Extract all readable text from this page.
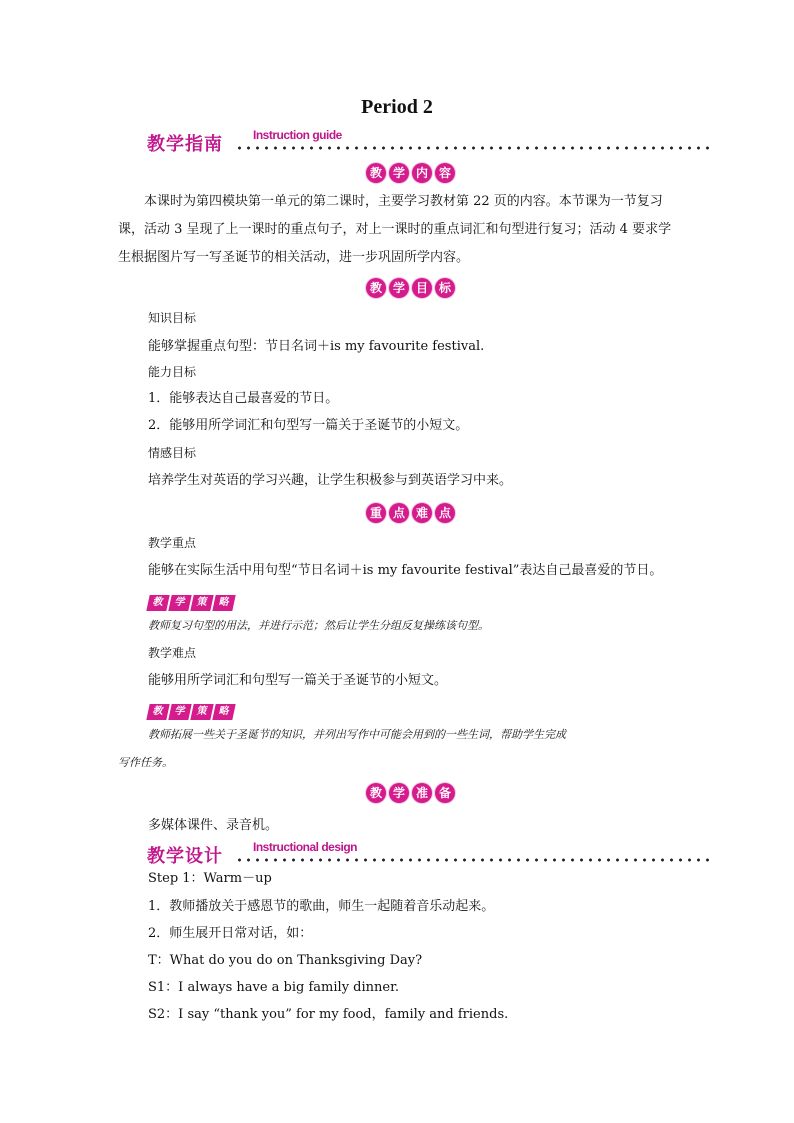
Period 2
教学指南	Instruction guide
教 学 内 容
本课时为第四模块第一单元的第二课时，主要学习教材第 22 页的内容。本节课为一节复习课，活动 3 呈现了上一课时的重点句子，对上一课时的重点词汇和句型进行复习；活动 4 要求学生根据图片写一写圣诞节的相关活动，进一步巩固所学内容。
教 学 目 标
知识目标
能够掌握重点句型：节日名词＋is my favourite festival.
能力目标
1．能够表达自己最喜爱的节日。
2．能够用所学词汇和句型写一篇关于圣诞节的小短文。
情感目标
培养学生对英语的学习兴趣，让学生积极参与到英语学习中来。
重 点 难 点
教学重点
能够在实际生活中用句型“节日名词＋is my favourite festival”表达自己最喜爱的节日。
教 学 策 略
教师复习句型的用法，并进行示范；然后让学生分组反复操练该句型。
教学难点
能够用所学词汇和句型写一篇关于圣诞节的小短文。
教 学 策 略
教师拓展一些关于圣诞节的知识，并列出写作中可能会用到的一些生词，帮助学生完成
写作任务。
教 学 准 备
多媒体课件、录音机。
教学设计	Instructional design
Step 1：Warm－up
1．教师播放关于感恩节的歌曲，师生一起随着音乐动起来。
2．师生展开日常对话，如：
T：What do you do on Thanksgiving Day?
S1：I always have a big family dinner.
S2：I say “thank you” for my food，family and friends.
